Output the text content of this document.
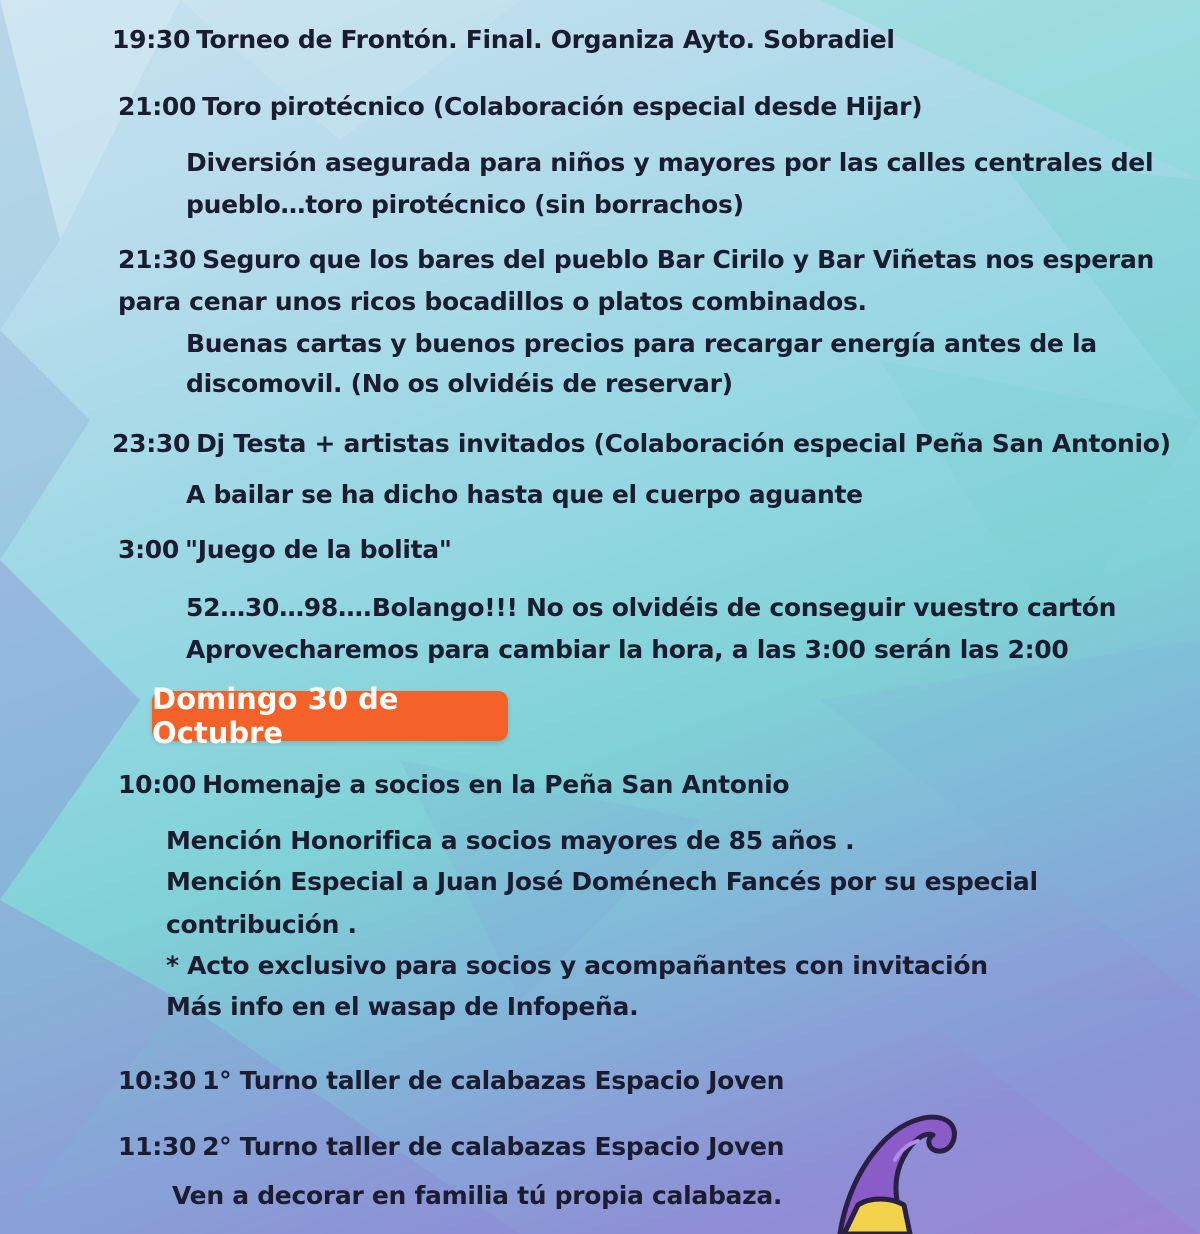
19:30 Torneo de Frontón. Final. Organiza Ayto. Sobradiel
21:00 Toro pirotécnico (Colaboración especial desde Hijar)
Diversión asegurada para niños y mayores por las calles centrales del
pueblo…toro pirotécnico (sin borrachos)
21:30 Seguro que los bares del pueblo Bar Cirilo y Bar Viñetas nos esperan
para cenar unos ricos bocadillos o platos combinados.
Buenas cartas y buenos precios para recargar energía antes de la
discomovil. (No os olvidéis de reservar)
23:30 Dj Testa + artistas invitados (Colaboración especial Peña San Antonio)
A bailar se ha dicho hasta que el cuerpo aguante
3:00 "Juego de la bolita"
52…30…98….Bolango!!! No os olvidéis de conseguir vuestro cartón
Aprovecharemos para cambiar la hora, a las 3:00 serán las 2:00
Domingo 30 de Octubre
10:00 Homenaje a socios en la Peña San Antonio
Mención Honorifica a socios mayores de 85 años .
Mención Especial a Juan José Doménech Fancés por su especial
contribución .
* Acto exclusivo para socios y acompañantes con invitación
Más info en el wasap de Infopeña.
10:30 1° Turno taller de calabazas Espacio Joven
11:30 2° Turno taller de calabazas Espacio Joven
Ven a decorar en familia tú propia calabaza.
